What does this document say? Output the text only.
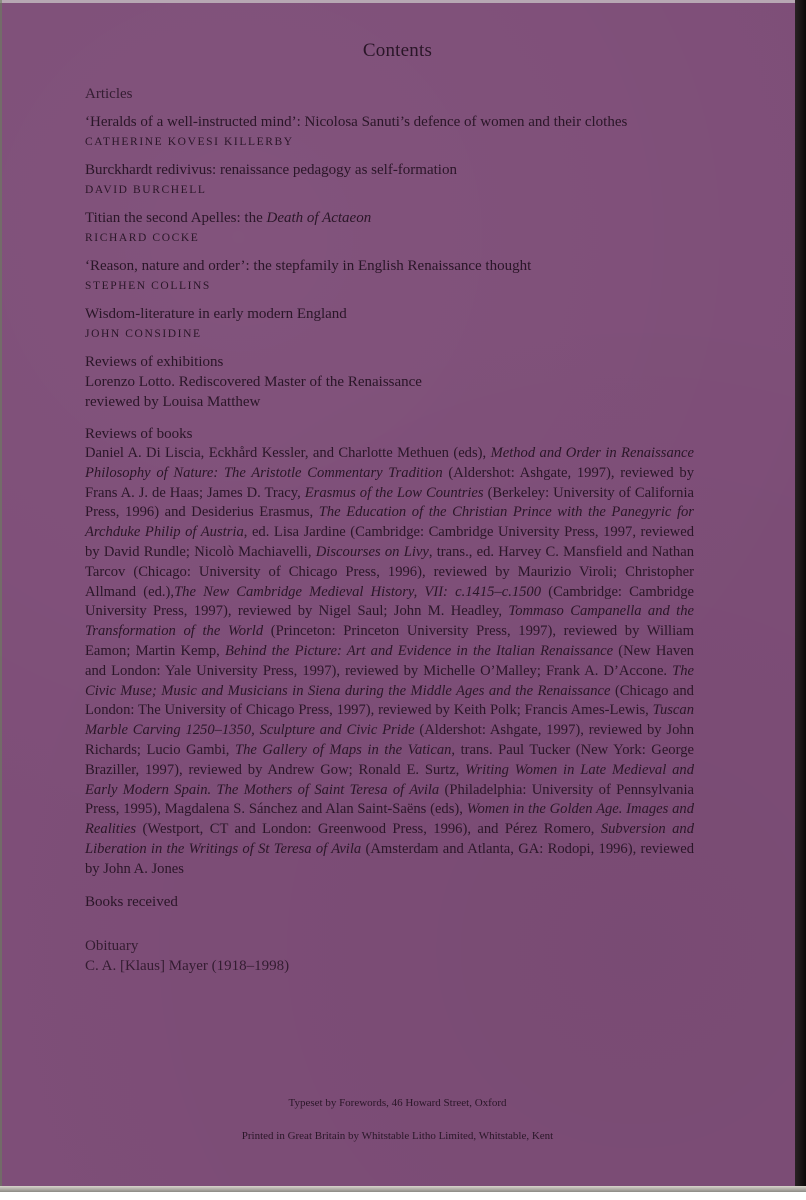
Contents
Articles
‘Heralds of a well-instructed mind’: Nicolosa Sanuti’s defence of women and their clothes
CATHERINE KOVESI KILLERBY
Burckhardt redivivus: renaissance pedagogy as self-formation
DAVID BURCHELL
Titian the second Apelles: the Death of Actaeon
RICHARD COCKE
‘Reason, nature and order’: the stepfamily in English Renaissance thought
STEPHEN COLLINS
Wisdom-literature in early modern England
JOHN CONSIDINE
Reviews of exhibitions
Lorenzo Lotto. Rediscovered Master of the Renaissance
reviewed by Louisa Matthew
Reviews of books
Daniel A. Di Liscia, Eckhård Kessler, and Charlotte Methuen (eds), Method and Order in Renaissance Philosophy of Nature: The Aristotle Commentary Tradition (Aldershot: Ashgate, 1997), reviewed by Frans A. J. de Haas; James D. Tracy, Erasmus of the Low Countries (Berkeley: University of California Press, 1996) and Desiderius Erasmus, The Education of the Christian Prince with the Panegyric for Archduke Philip of Austria, ed. Lisa Jardine (Cambridge: Cambridge University Press, 1997, reviewed by David Rundle; Nicolò Machiavelli, Discourses on Livy, trans., ed. Harvey C. Mansfield and Nathan Tarcov (Chicago: University of Chicago Press, 1996), reviewed by Maurizio Viroli; Christopher Allmand (ed.),The New Cambridge Medieval History, VII: c.1415–c.1500 (Cambridge: Cambridge University Press, 1997), reviewed by Nigel Saul; John M. Headley, Tommaso Campanella and the Transformation of the World (Princeton: Princeton University Press, 1997), reviewed by William Eamon; Martin Kemp, Behind the Picture: Art and Evidence in the Italian Renaissance (New Haven and London: Yale University Press, 1997), reviewed by Michelle O’Malley; Frank A. D’Accone. The Civic Muse; Music and Musicians in Siena during the Middle Ages and the Renaissance (Chicago and London: The University of Chicago Press, 1997), reviewed by Keith Polk; Francis Ames-Lewis, Tuscan Marble Carving 1250–1350, Sculpture and Civic Pride (Aldershot: Ashgate, 1997), reviewed by John Richards; Lucio Gambi, The Gallery of Maps in the Vatican, trans. Paul Tucker (New York: George Braziller, 1997), reviewed by Andrew Gow; Ronald E. Surtz, Writing Women in Late Medieval and Early Modern Spain. The Mothers of Saint Teresa of Avila (Philadelphia: University of Pennsylvania Press, 1995), Magdalena S. Sánchez and Alan Saint-Saëns (eds), Women in the Golden Age. Images and Realities (Westport, CT and London: Greenwood Press, 1996), and Pérez Romero, Subversion and Liberation in the Writings of St Teresa of Avila (Amsterdam and Atlanta, GA: Rodopi, 1996), reviewed by John A. Jones
Books received
Obituary
C. A. [Klaus] Mayer (1918–1998)
Typeset by Forewords, 46 Howard Street, Oxford
Printed in Great Britain by Whitstable Litho Limited, Whitstable, Kent
